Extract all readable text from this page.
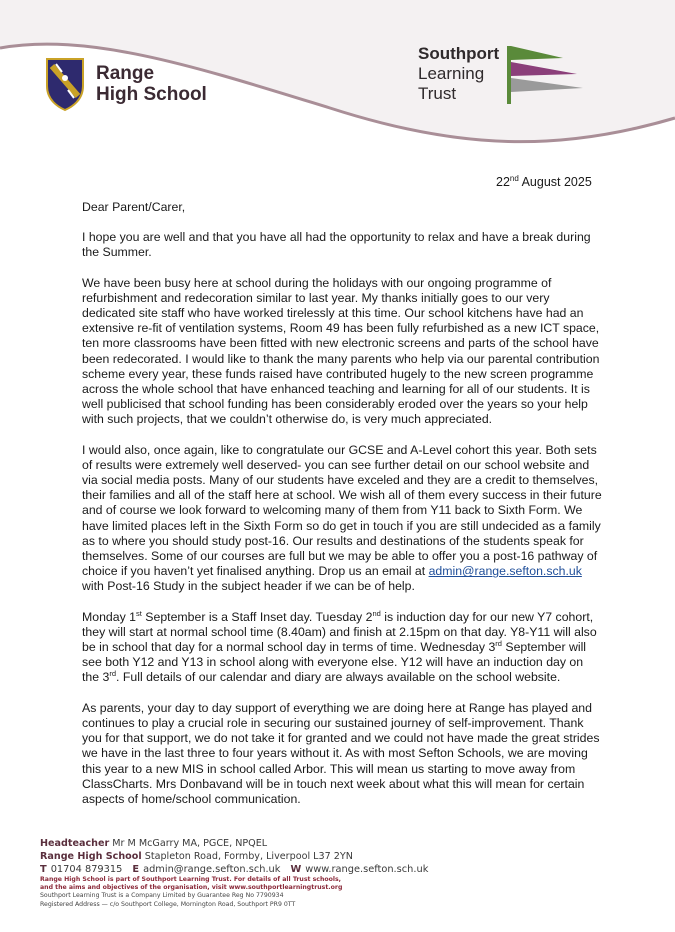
Range
High School
Southport
Learning
Trust
22nd August 2025

Dear Parent/Carer,

I hope you are well and that you have all had the opportunity to relax and have a break during the Summer.

We have been busy here at school during the holidays with our ongoing programme of refurbishment and redecoration similar to last year. My thanks initially goes to our very dedicated site staff who have worked tirelessly at this time. Our school kitchens have had an extensive re-fit of ventilation systems, Room 49 has been fully refurbished as a new ICT space, ten more classrooms have been fitted with new electronic screens and parts of the school have been redecorated. I would like to thank the many parents who help via our parental contribution scheme every year, these funds raised have contributed hugely to the new screen programme across the whole school that have enhanced teaching and learning for all of our students. It is well publicised that school funding has been considerably eroded over the years so your help with such projects, that we couldn’t otherwise do, is very much appreciated.

I would also, once again, like to congratulate our GCSE and A-Level cohort this year. Both sets of results were extremely well deserved- you can see further detail on our school website and via social media posts. Many of our students have exceled and they are a credit to themselves, their families and all of the staff here at school. We wish all of them every success in their future and of course we look forward to welcoming many of them from Y11 back to Sixth Form. We have limited places left in the Sixth Form so do get in touch if you are still undecided as a family as to where you should study post-16. Our results and destinations of the students speak for themselves. Some of our courses are full but we may be able to offer you a post-16 pathway of choice if you haven’t yet finalised anything. Drop us an email at admin@range.sefton.sch.uk with Post-16 Study in the subject header if we can be of help.

Monday 1st September is a Staff Inset day. Tuesday 2nd is induction day for our new Y7 cohort, they will start at normal school time (8.40am) and finish at 2.15pm on that day. Y8-Y11 will also be in school that day for a normal school day in terms of time. Wednesday 3rd September will see both Y12 and Y13 in school along with everyone else. Y12 will have an induction day on the 3rd. Full details of our calendar and diary are always available on the school website.

As parents, your day to day support of everything we are doing here at Range has played and continues to play a crucial role in securing our sustained journey of self-improvement. Thank you for that support, we do not take it for granted and we could not have made the great strides we have in the last three to four years without it. As with most Sefton Schools, we are moving this year to a new MIS in school called Arbor. This will mean us starting to move away from ClassCharts. Mrs Donbavand will be in touch next week about what this will mean for certain aspects of home/school communication.

Headteacher Mr M McGarry MA, PGCE, NPQEL
Range High School Stapleton Road, Formby, Liverpool L37 2YN
T 01704 879315 E admin@range.sefton.sch.uk W www.range.sefton.sch.uk
Range High School is part of Southport Learning Trust. For details of all Trust schools,
and the aims and objectives of the organisation, visit www.southportlearningtrust.org
Southport Learning Trust is a Company Limited by Guarantee Reg No 7790934
Registered Address — c/o Southport College, Mornington Road, Southport PR9 0TT
